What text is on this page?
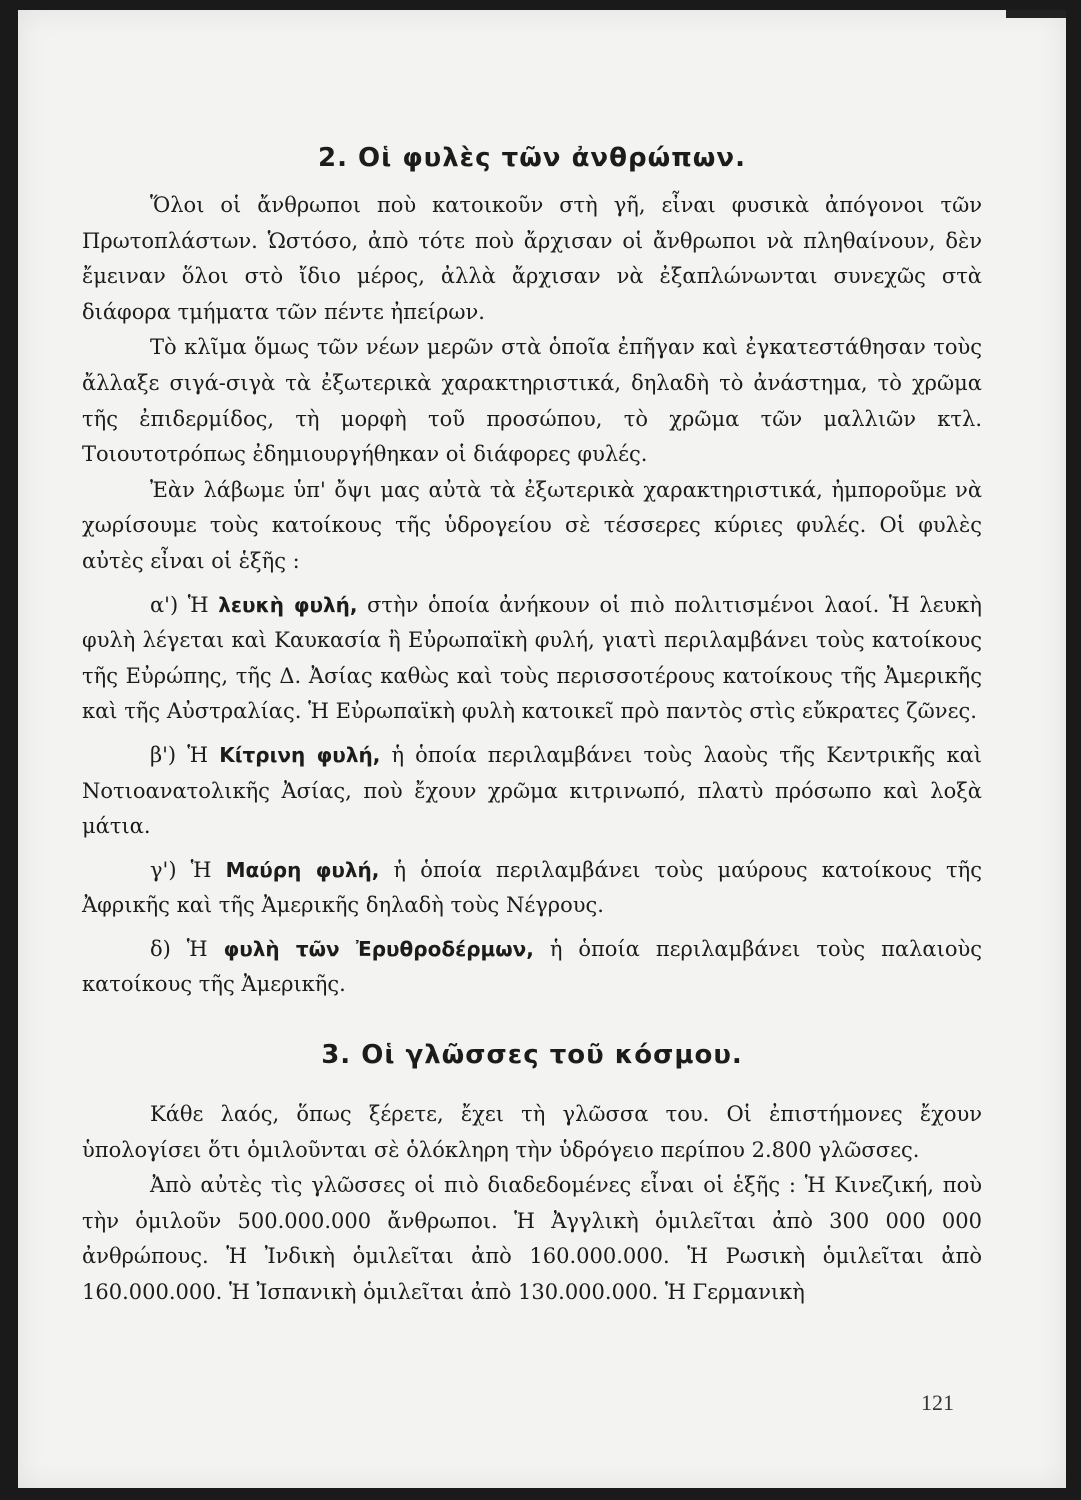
2. Οἱ φυλὲς τῶν ἀνθρώπων.

Ὅλοι οἱ ἄνθρωποι ποὺ κατοικοῦν στὴ γῆ, εἶναι φυσικὰ ἀπόγονοι τῶν Πρωτοπλάστων. Ὡστόσο, ἀπὸ τότε ποὺ ἄρχισαν οἱ ἄνθρωποι νὰ πληθαίνουν, δὲν ἔμειναν ὅλοι στὸ ἴδιο μέρος, ἀλλὰ ἄρχισαν νὰ ἐξαπλώνωνται συνεχῶς στὰ διάφορα τμήματα τῶν πέντε ἠπείρων.

Τὸ κλῖμα ὅμως τῶν νέων μερῶν στὰ ὁποῖα ἐπῆγαν καὶ ἐγκατεστάθησαν τοὺς ἄλλαξε σιγά-σιγὰ τὰ ἐξωτερικὰ χαρακτηριστικά, δηλαδὴ τὸ ἀνάστημα, τὸ χρῶμα τῆς ἐπιδερμίδος, τὴ μορφὴ τοῦ προσώπου, τὸ χρῶμα τῶν μαλλιῶν κτλ. Τοιουτοτρόπως ἐδημιουργήθηκαν οἱ διάφορες φυλές.

Ἐὰν λάβωμε ὑπ' ὄψι μας αὐτὰ τὰ ἐξωτερικὰ χαρακτηριστικά, ἠμποροῦμε νὰ χωρίσουμε τοὺς κατοίκους τῆς ὑδρογείου σὲ τέσσερες κύριες φυλές. Οἱ φυλὲς αὐτὲς εἶναι οἱ ἑξῆς :

α') Ἡ λευκὴ φυλή, στὴν ὁποία ἀνήκουν οἱ πιὸ πολιτισμένοι λαοί. Ἡ λευκὴ φυλὴ λέγεται καὶ Καυκασία ἢ Εὐρωπαϊκὴ φυλή, γιατὶ περιλαμβάνει τοὺς κατοίκους τῆς Εὐρώπης, τῆς Δ. Ἀσίας καθὼς καὶ τοὺς περισσοτέρους κατοίκους τῆς Ἀμερικῆς καὶ τῆς Αὐστραλίας. Ἡ Εὐρωπαϊκὴ φυλὴ κατοικεῖ πρὸ παντὸς στὶς εὔκρατες ζῶνες.

β') Ἡ Κίτρινη φυλή, ἡ ὁποία περιλαμβάνει τοὺς λαοὺς τῆς Κεντρικῆς καὶ Νοτιοανατολικῆς Ἀσίας, ποὺ ἔχουν χρῶμα κιτρινωπό, πλατὺ πρόσωπο καὶ λοξὰ μάτια.

γ') Ἡ Μαύρη φυλή, ἡ ὁποία περιλαμβάνει τοὺς μαύρους κατοίκους τῆς Ἀφρικῆς καὶ τῆς Ἀμερικῆς δηλαδὴ τοὺς Νέγρους.

δ) Ἡ φυλὴ τῶν Ἐρυθροδέρμων, ἡ ὁποία περιλαμβάνει τοὺς παλαιοὺς κατοίκους τῆς Ἀμερικῆς.

3. Οἱ γλῶσσες τοῦ κόσμου.

Κάθε λαός, ὅπως ξέρετε, ἔχει τὴ γλῶσσα του. Οἱ ἐπιστήμονες ἔχουν ὑπολογίσει ὅτι ὁμιλοῦνται σὲ ὁλόκληρη τὴν ὑδρόγειο περίπου 2.800 γλῶσσες.

Ἀπὸ αὐτὲς τὶς γλῶσσες οἱ πιὸ διαδεδομένες εἶναι οἱ ἑξῆς : Ἡ Κινεζική, ποὺ τὴν ὁμιλοῦν 500.000.000 ἄνθρωποι. Ἡ Ἀγγλικὴ ὁμιλεῖται ἀπὸ 300 000 000 ἀνθρώπους. Ἡ Ἰνδικὴ ὁμιλεῖται ἀπὸ 160.000.000. Ἡ Ρωσικὴ ὁμιλεῖται ἀπὸ 160.000.000. Ἡ Ἰσπανικὴ ὁμιλεῖται ἀπὸ 130.000.000. Ἡ Γερμανικὴ

121
